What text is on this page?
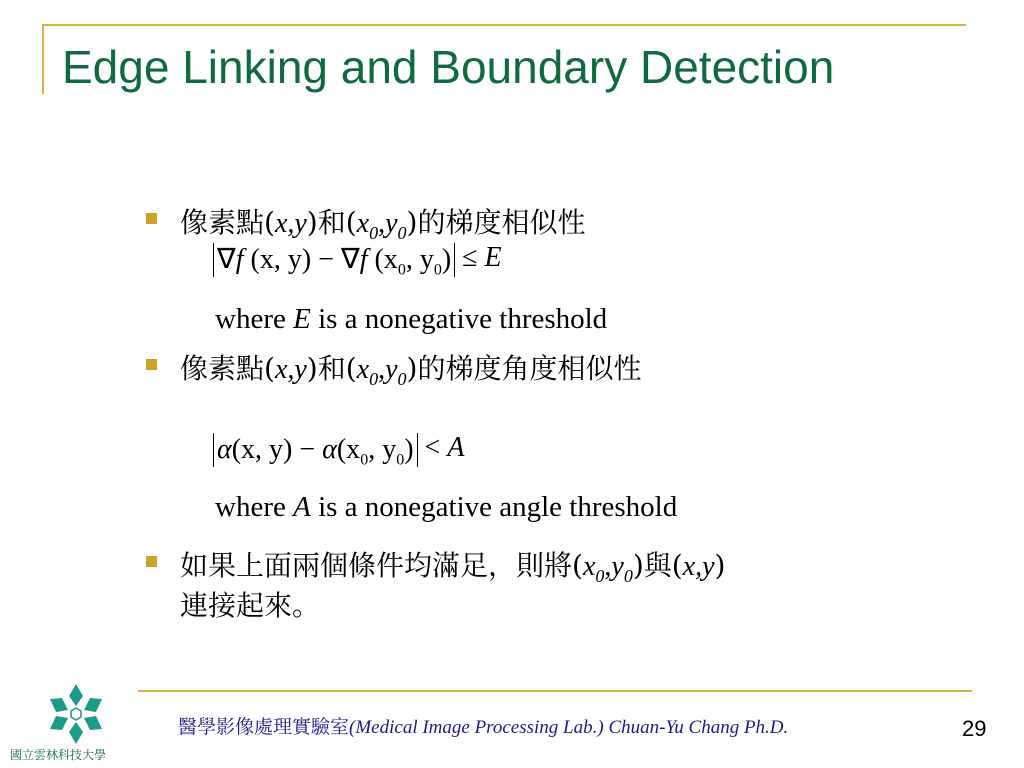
Edge Linking and Boundary Detection
像素點(x,y)和$(x_0,y_0)$的梯度相似性
∇f (x, y) − ∇f ($x_0$, $y_0) \le E$
where E is a nonegative threshold
像素點(x,y)和$(x_0,y_0)$的梯度角度相似性
α(x, $y) - \alpha(x_0$, $y_0) < A$
where A is a nonegative angle threshold
如果上面兩個條件均滿足，則將$(x_0,y_0)$與(x,y)
連接起來。
國立雲林科技大學
醫學影像處理實驗室(Medical Image Processing Lab.) Chuan-Yu Chang Ph.D.	29
